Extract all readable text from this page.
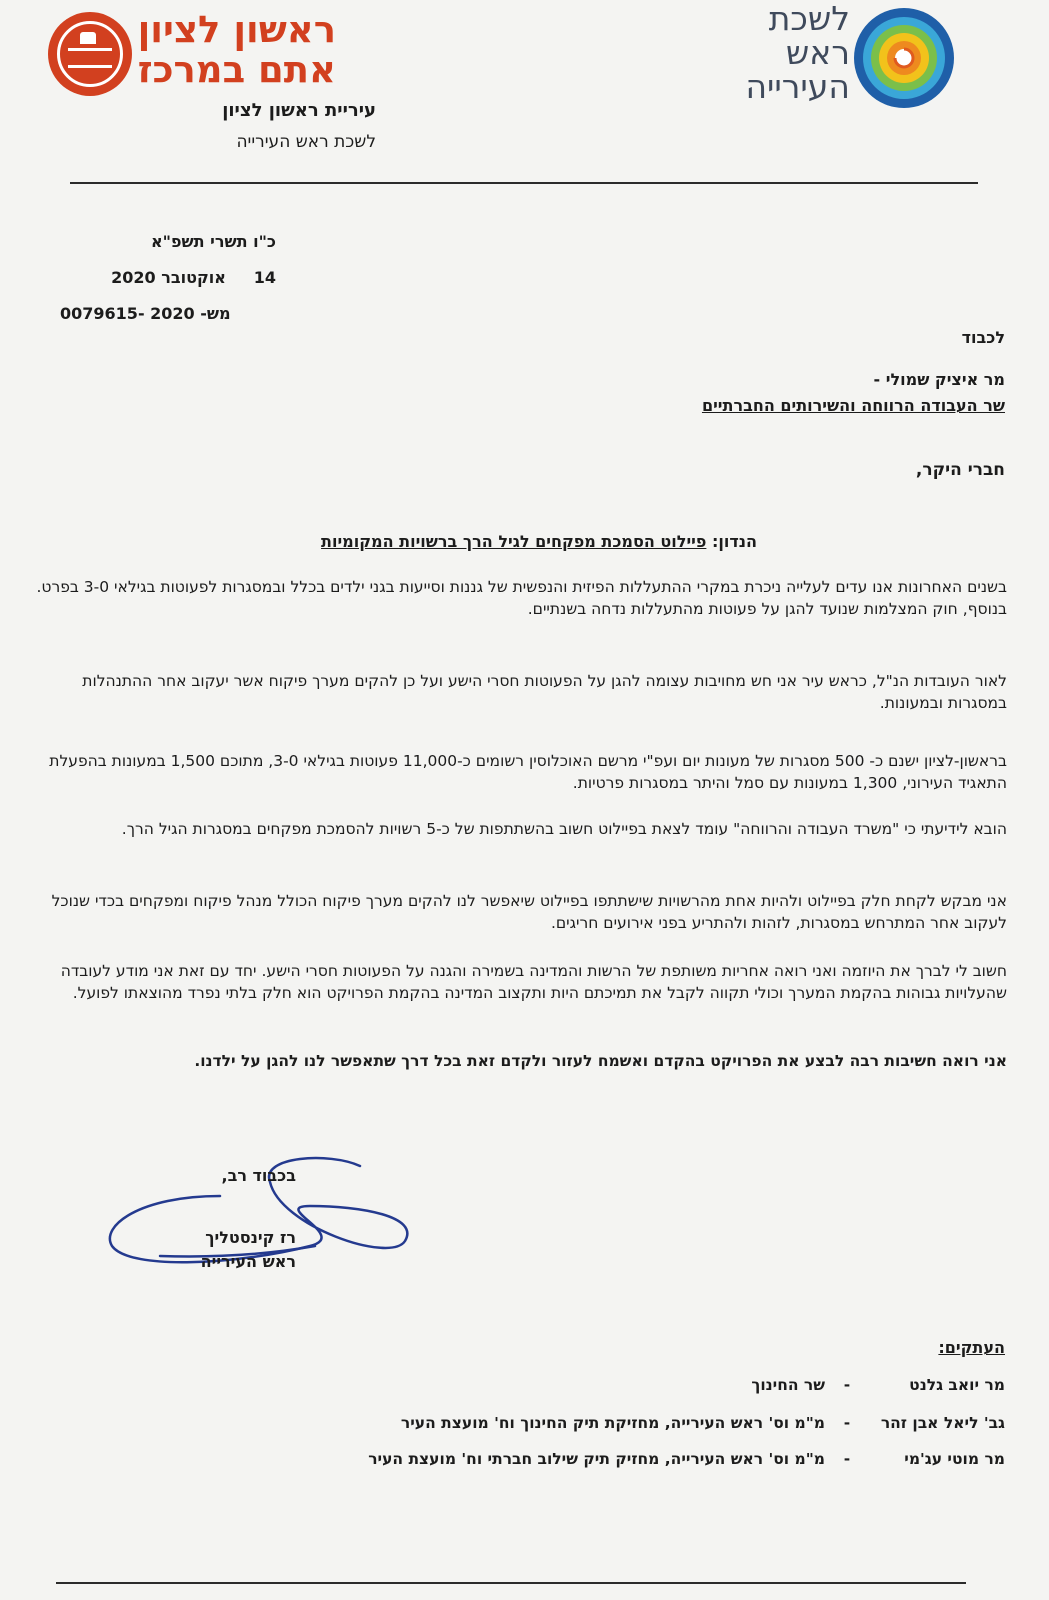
ראשון לציון
אתם במרכז
עיריית ראשון לציון
לשכת ראש העירייה
לשכת
ראש
העירייה
כ"ו תשרי תשפ"א
14     אוקטובר 2020
מש- 2020 -0079615
לכבוד
מר איציק שמולי -
שר העבודה הרווחה והשירותים החברתיים
חברי היקר,
הנדון: פיילוט הסמכת מפקחים לגיל הרך ברשויות המקומיות

בשנים האחרונות אנו עדים לעלייה ניכרת במקרי ההתעללות הפיזית והנפשית של גננות וסייעות בגני ילדים בכלל ובמסגרות לפעוטות בגילאי 3-0 בפרט.

בנוסף, חוק המצלמות שנועד להגן על פעוטות מהתעללות נדחה בשנתיים.

לאור העובדות הנ"ל, כראש עיר אני חש מחויבות עצומה להגן על הפעוטות חסרי הישע ועל כן להקים מערך פיקוח אשר יעקוב אחר ההתנהלות במסגרות ובמעונות.

בראשון-לציון ישנם כ- 500 מסגרות של מעונות יום ועפ"י מרשם האוכלוסין רשומים כ-11,000 פעוטות בגילאי 3-0, מתוכם 1,500 במעונות בהפעלת התאגיד העירוני, 1,300 במעונות עם סמל והיתר במסגרות פרטיות.

הובא לידיעתי כי "משרד העבודה והרווחה" עומד לצאת בפיילוט חשוב בהשתתפות של כ-5 רשויות להסמכת מפקחים במסגרות הגיל הרך.

אני מבקש לקחת חלק בפיילוט ולהיות אחת מהרשויות שישתתפו בפיילוט שיאפשר לנו להקים מערך פיקוח הכולל מנהל פיקוח ומפקחים בכדי שנוכל לעקוב אחר המתרחש במסגרות, לזהות ולהתריע בפני אירועים חריגים.

חשוב לי לברך את היוזמה ואני רואה אחריות משותפת של הרשות והמדינה בשמירה והגנה על הפעוטות חסרי הישע. יחד עם זאת אני מודע לעובדה שהעלויות גבוהות בהקמת המערך וכולי תקווה לקבל את תמיכתם היות ותקצוב המדינה בהקמת הפרויקט הוא חלק בלתי נפרד מהוצאתו לפועל.

אני רואה חשיבות רבה לבצע את הפרויקט בהקדם ואשמח לעזור ולקדם זאת בכל דרך שתאפשר לנו להגן על ילדנו.

בכבוד רב,
רז קינסטליך
ראש העירייה
העתקים:
מר יואב גלנט
-
שר החינוך
גב' ליאל אבן זהר
-
מ"מ וס' ראש העירייה, מחזיקת תיק החינוך וח' מועצת העיר
מר מוטי עג'מי
-
מ"מ וס' ראש העירייה, מחזיק תיק שילוב חברתי וח' מועצת העיר
